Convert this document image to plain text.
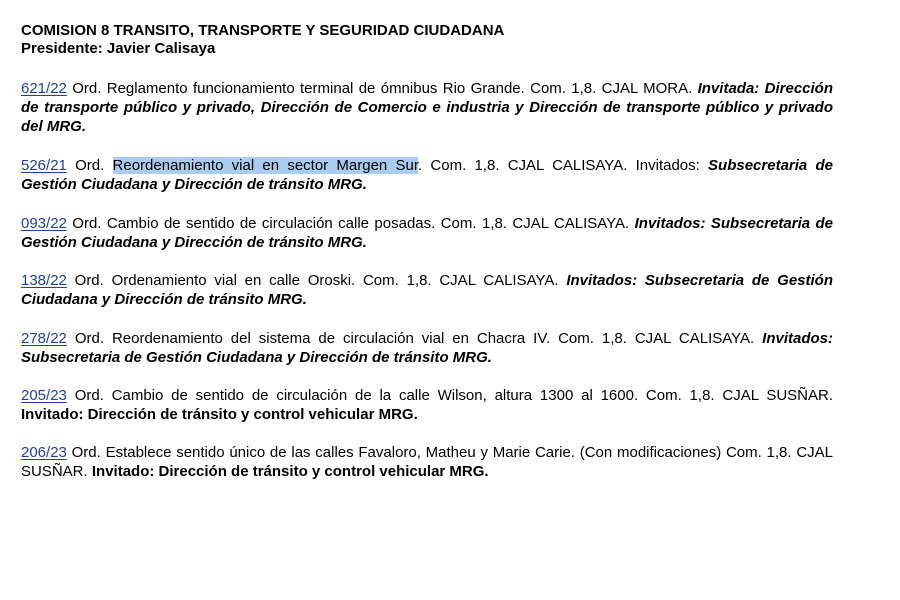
COMISION 8 TRANSITO, TRANSPORTE Y SEGURIDAD CIUDADANA
Presidente: Javier Calisaya
621/22 Ord. Reglamento funcionamiento terminal de ómnibus Rio Grande. Com. 1,8. CJAL MORA. Invitada: Dirección de transporte público y privado, Dirección de Comercio e industria y Dirección de transporte público y privado del MRG.
526/21 Ord. Reordenamiento vial en sector Margen Sur. Com. 1,8. CJAL CALISAYA. Invitados: Subsecretaria de Gestión Ciudadana y Dirección de tránsito MRG.
093/22 Ord. Cambio de sentido de circulación calle posadas. Com. 1,8. CJAL CALISAYA. Invitados: Subsecretaria de Gestión Ciudadana y Dirección de tránsito MRG.
138/22 Ord. Ordenamiento vial en calle Oroski. Com. 1,8. CJAL CALISAYA. Invitados: Subsecretaria de Gestión Ciudadana y Dirección de tránsito MRG.
278/22 Ord. Reordenamiento del sistema de circulación vial en Chacra IV. Com. 1,8. CJAL CALISAYA. Invitados: Subsecretaria de Gestión Ciudadana y Dirección de tránsito MRG.
205/23 Ord. Cambio de sentido de circulación de la calle Wilson, altura 1300 al 1600. Com. 1,8. CJAL SUSÑAR. Invitado: Dirección de tránsito y control vehicular MRG.
206/23 Ord. Establece sentido único de las calles Favaloro, Matheu y Marie Carie. (Con modificaciones) Com. 1,8. CJAL SUSÑAR. Invitado: Dirección de tránsito y control vehicular MRG.
